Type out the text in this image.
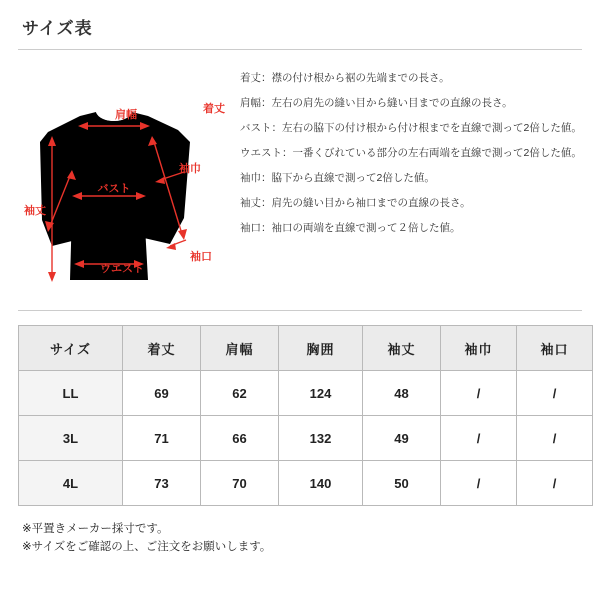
サイズ表
肩幅	着丈
バスト
袖巾
袖丈
ウエスト
袖口
着丈：襟の付け根から裾の先端までの長さ。
肩幅：左右の肩先の縫い目から縫い目までの直線の長さ。
バスト：左右の脇下の付け根から付け根までを直線で測って2倍した値。
ウエスト：一番くびれている部分の左右両端を直線で測って2倍した値。
袖巾：脇下から直線で測って2倍した値。
袖丈：肩先の縫い目から袖口までの直線の長さ。
袖口：袖口の両端を直線で測って２倍した値。
サイズ	着丈	肩幅	胸囲	袖丈	袖巾	袖口
LL	69	62	124	48	/	/
3L	71	66	132	49	/	/
4L	73	70	140	50	/	/
※平置きメーカー採寸です。
※サイズをご確認の上、ご注文をお願いします。
